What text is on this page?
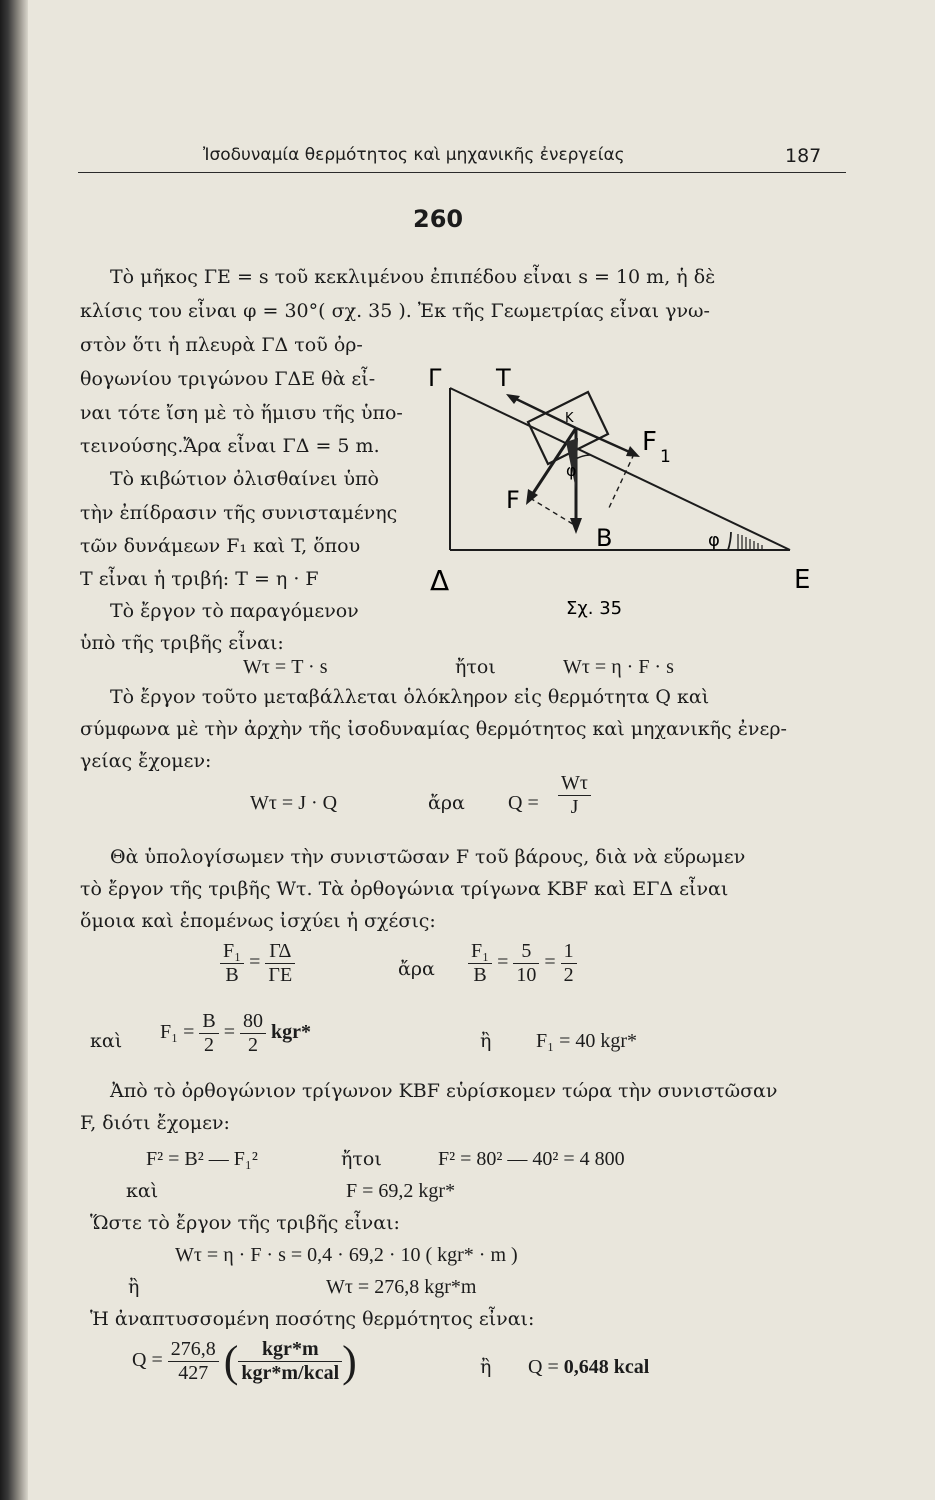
Ἰσοδυναμία θερμότητος καὶ μηχανικῆς ἐνεργείας	187
260
Τὸ μῆκος ΓΕ = s τοῦ κεκλιμένου ἐπιπέδου εἶναι s = 10 m, ἡ δὲ
κλίσις του εἶναι φ = 30°( σχ. 35 ). Ἐκ τῆς Γεωμετρίας εἶναι γνω-
στὸν ὅτι ἡ πλευρὰ ΓΔ τοῦ ὀρ-
θογωνίου τριγώνου ΓΔΕ θὰ εἶ-
ναι τότε ἴση μὲ τὸ ἥμισυ τῆς ὑπο-
τεινούσης.Ἄρα εἶναι ΓΔ = 5 m.
Τὸ κιβώτιον ὀλισθαίνει ὑπὸ
τὴν ἐπίδρασιν τῆς συνισταμένης
τῶν δυνάμεων F₁ καὶ T, ὅπου
T εἶναι ἡ τριβή: T = η · F
Τὸ ἔργον τὸ παραγόμενον
ὑπὸ τῆς τριβῆς εἶναι:
Γ T
K
F 1
φ
F
B	φ
Δ	E
Σχ. 35
Wτ = T · s	ἤτοι	Wτ = η · F · s
Τὸ ἔργον τοῦτο μεταβάλλεται ὁλόκληρον εἰς θερμότητα Q καὶ
σύμφωνα μὲ τὴν ἀρχὴν τῆς ἰσοδυναμίας θερμότητος καὶ μηχανικῆς ἐνερ-
γείας ἔχομεν:
Wτ = J · Q	ἄρα $Q = \frac{W\tau}{J}$
Θὰ ὑπολογίσωμεν τὴν συνιστῶσαν F τοῦ βάρους, διὰ νὰ εὕρωμεν
τὸ ἔργον τῆς τριβῆς Wτ. Τὰ ὀρθογώνια τρίγωνα ΚΒF καὶ ΕΓΔ εἶναι
ὅμοια καὶ ἑπομένως ἰσχύει ἡ σχέσις:
$\frac{\text{F₁}}{B} = \frac{\Gamma\Delta}{\Gamma E}$	ἄρα $\frac{\text{F₁}}{B} = \frac{5}{10} = \frac{1}{2}$
καὶ $F_1 = \frac{B}{2} = \frac{80}{2} kgr*$	ἢ F₁ = 40 kgr*
Ἀπὸ τὸ ὀρθογώνιον τρίγωνον ΚΒF εὑρίσκομεν τώρα τὴν συνιστῶσαν
F, διότι ἔχομεν:
F² = B² — F₁²	ἤτοι	F² = 80² — 40² = 4 800
καὶ	F = 69,2 kgr*
Ὥστε τὸ ἔργον τῆς τριβῆς εἶναι:
Wτ = η · F · s = 0,4 · 69,2 · 10 ( kgr* · m )
ἢ	Wτ = 276,8 kgr*m
Ἡ ἀναπτυσσομένη ποσότης θερμότητος εἶναι:
$Q = \frac{276,8}{427}$ ( $\frac{\text{kgr*m}}{\text{kgr*m/kcal}}$ )	ἢ Q = 0,648 kcal
